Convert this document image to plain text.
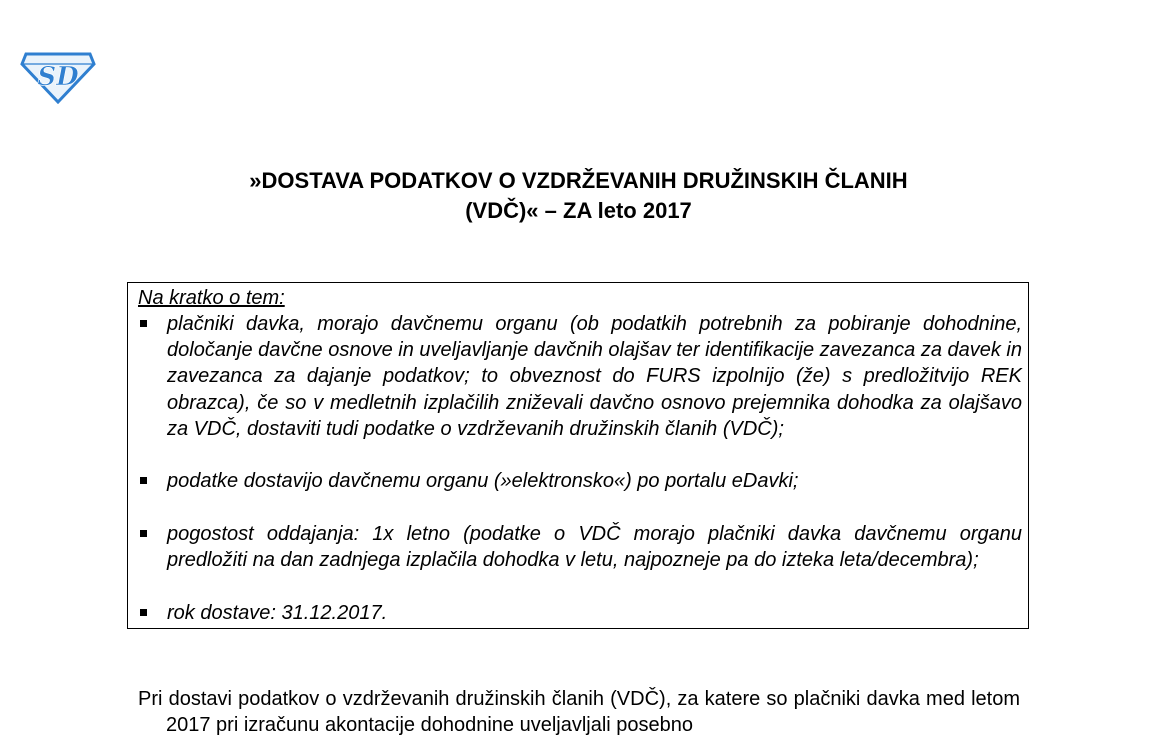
SD
»DOSTAVA PODATKOV O VZDRŽEVANIH DRUŽINSKIH ČLANIH
(VDČ)« – ZA leto 2017
Na kratko o tem:
plačniki davka, morajo davčnemu organu (ob podatkih potrebnih za pobiranje dohodnine, določanje davčne osnove in uveljavljanje davčnih olajšav ter identifikacije zavezanca za davek in zavezanca za dajanje podatkov; to obveznost do FURS izpolnijo (že) s predložitvijo REK obrazca), če so v medletnih izplačilih zniževali davčno osnovo prejemnika dohodka za olajšavo za VDČ, dostaviti tudi podatke o vzdrževanih družinskih članih (VDČ);
podatke dostavijo davčnemu organu (»elektronsko«) po portalu eDavki;
pogostost oddajanja: 1x letno (podatke o VDČ morajo plačniki davka davčnemu organu predložiti na dan zadnjega izplačila dohodka v letu, najpozneje pa do izteka leta/decembra);
rok dostave: 31.12.2017.
Pri dostavi podatkov o vzdrževanih družinskih članih (VDČ), za katere so plačniki davka med letom 2017 pri izračunu akontacije dohodnine uveljavljali posebno
